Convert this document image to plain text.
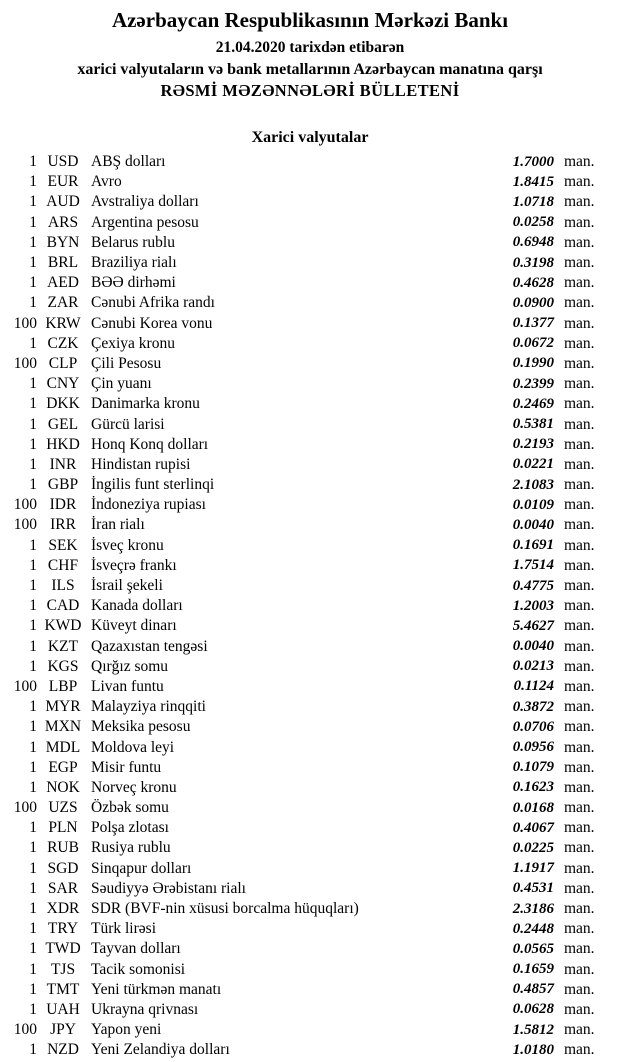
Azərbaycan Respublikasının Mərkəzi Bankı
21.04.2020 tarixdən etibarən
xarici valyutaların və bank metallarının Azərbaycan manatına qarşı
RƏSMİ MƏZƏNNƏLƏRİ BÜLLETENİ
Xarici valyutalar
1 USD ABŞ dolları	1.7000 man.
1 EUR Avro	1.8415 man.
1 AUD Avstraliya dolları	1.0718 man.
1 ARS Argentina pesosu	0.0258 man.
1 BYN Belarus rublu	0.6948 man.
1 BRL Braziliya rialı	0.3198 man.
1 AED BƏƏ dirhəmi	0.4628 man.
1 ZAR Cənubi Afrika randı	0.0900 man.
100 KRW Cənubi Korea vonu	0.1377 man.
1 CZK Çexiya kronu	0.0672 man.
100 CLP Çili Pesosu	0.1990 man.
1 CNY Çin yuanı	0.2399 man.
1 DKK Danimarka kronu	0.2469 man.
1 GEL Gürcü larisi	0.5381 man.
1 HKD Honq Konq dolları	0.2193 man.
1 INR Hindistan rupisi	0.0221 man.
1 GBP İngilis funt sterlinqi	2.1083 man.
100 IDR İndoneziya rupiası	0.0109 man.
100 IRR İran rialı	0.0040 man.
1 SEK İsveç kronu	0.1691 man.
1 CHF İsveçrə frankı	1.7514 man.
1 ILS	İsrail şekeli	0.4775 man.
1 CAD Kanada dolları	1.2003 man.
1 KWD Küveyt dinarı	5.4627 man.
1 KZT Qazaxıstan tengəsi	0.0040 man.
1 KGS Qırğız somu	0.0213 man.
100 LBP Livan funtu	0.1124 man.
1 MYR Malayziya rinqqiti	0.3872 man.
1 MXN Meksika pesosu	0.0706 man.
1 MDL Moldova leyi	0.0956 man.
1 EGP Misir funtu	0.1079 man.
1 NOK Norveç kronu	0.1623 man.
100 UZS Özbək somu	0.0168 man.
1 PLN Polşa zlotası	0.4067 man.
1 RUB Rusiya rublu	0.0225 man.
1 SGD Sinqapur dolları	1.1917 man.
1 SAR Səudiyyə Ərəbistanı rialı	0.4531 man.
1 XDR SDR (BVF-nin xüsusi borcalma hüquqları)	2.3186 man.
1 TRY Türk lirəsi	0.2448 man.
1 TWD Tayvan dolları	0.0565 man.
1 TJS	Tacik somonisi	0.1659 man.
1 TMT Yeni türkmən manatı	0.4857 man.
1 UAH Ukrayna qrivnası	0.0628 man.
100 JPY Yapon yeni	1.5812 man.
1 NZD Yeni Zelandiya dolları	1.0180 man.
